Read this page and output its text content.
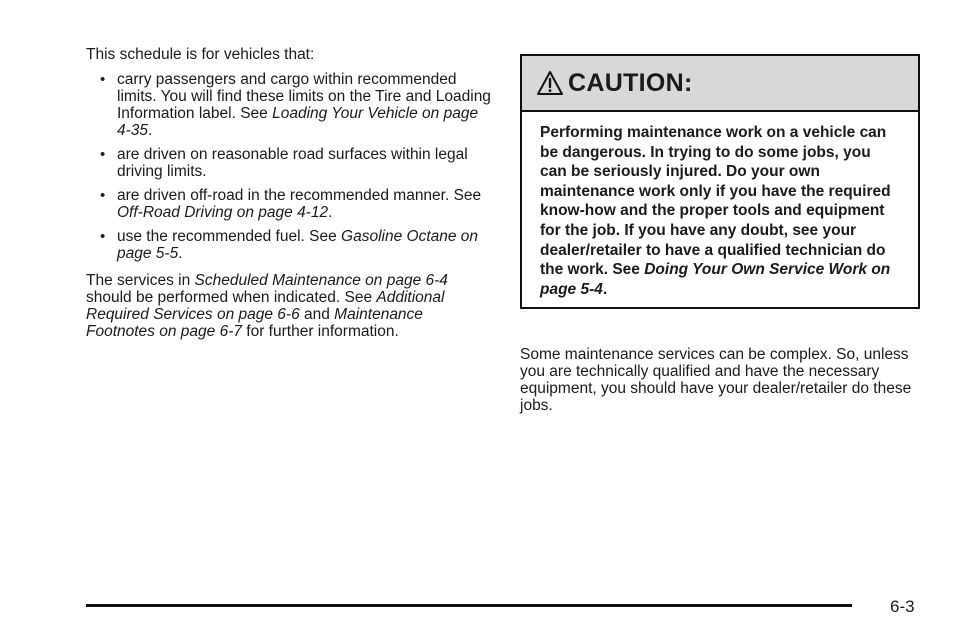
This schedule is for vehicles that:

• carry passengers and cargo within recommended limits. You will find these limits on the Tire and Loading Information label. See Loading Your Vehicle on page 4-35.
• are driven on reasonable road surfaces within legal driving limits.
• are driven off-road in the recommended manner. See Off-Road Driving on page 4-12.
• use the recommended fuel. See Gasoline Octane on page 5-5.

The services in Scheduled Maintenance on page 6-4 should be performed when indicated. See Additional Required Services on page 6-6 and Maintenance Footnotes on page 6-7 for further information.

CAUTION:
Performing maintenance work on a vehicle can be dangerous. In trying to do some jobs, you can be seriously injured. Do your own maintenance work only if you have the required know-how and the proper tools and equipment for the job. If you have any doubt, see your dealer/retailer to have a qualified technician do the work. See Doing Your Own Service Work on page 5-4.

Some maintenance services can be complex. So, unless you are technically qualified and have the necessary equipment, you should have your dealer/retailer do these jobs.

6-3
